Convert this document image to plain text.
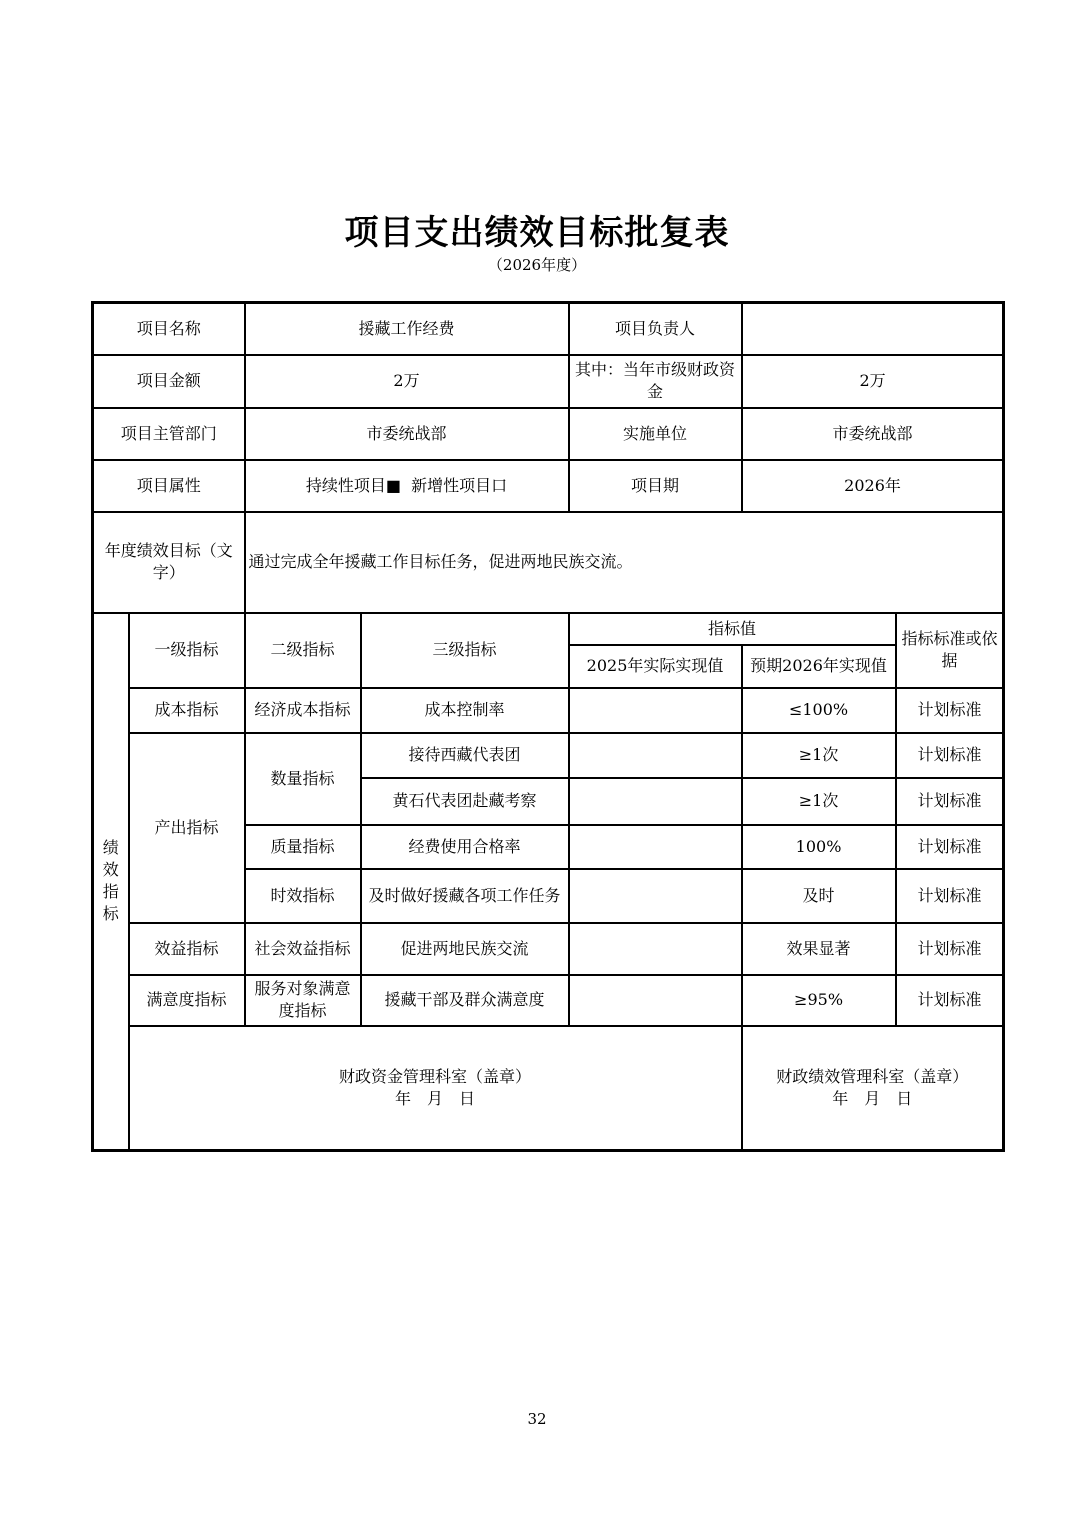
项目支出绩效目标批复表
（2026年度）
项目名称		援藏工作经费		项目负责人		
项目金额		2万		其中：当年市级财政资金	2万	
项目主管部门		市委统战部		实施单位	市委统战部	
项目属性		持续性项目■  新增性项目口		项目期	2026年	
年度绩效目标（文字）		通过完成全年援藏工作目标任务，促进两地民族交流。				
绩效指标	一级指标	二级指标	三级指标	指标值		指标标准或依据
				2025年实际实现值	预期2026年实现值	
	成本指标	经济成本指标	成本控制率		≤100%	计划标准
	产出指标	数量指标	接待西藏代表团		≥1次	计划标准
			黄石代表团赴藏考察		≥1次	计划标准
		质量指标	经费使用合格率		100%	计划标准
		时效指标	及时做好援藏各项工作任务		及时	计划标准
	效益指标	社会效益指标	促进两地民族交流		效果显著	计划标准
	满意度指标	服务对象满意度指标	援藏干部及群众满意度		≥95%	计划标准

	财政资金管理科室（盖章）
年　月　日				财政绩效管理科室（盖章）
年　月　日	
32
